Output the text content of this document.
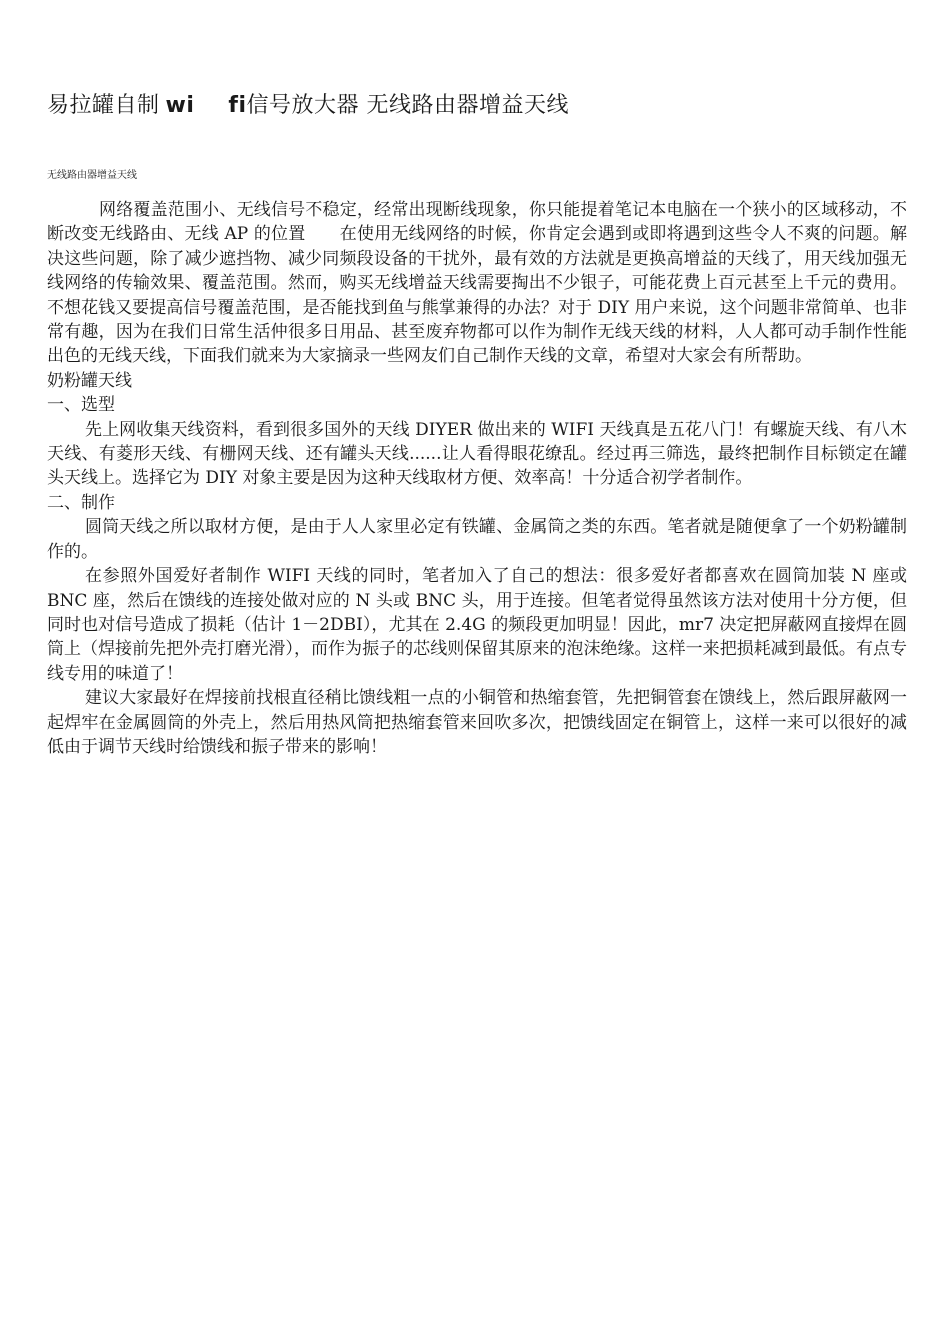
易拉罐自制 wi fi信号放大器 无线路由器增益天线
无线路由器增益天线

网络覆盖范围小、无线信号不稳定，经常出现断线现象，你只能提着笔记本电脑在一个狭小的区域移动，不断改变无线路由、无线 AP 的位置　　在使用无线网络的时候，你肯定会遇到或即将遇到这些令人不爽的问题。解决这些问题，除了减少遮挡物、减少同频段设备的干扰外，最有效的方法就是更换高增益的天线了，用天线加强无线网络的传输效果、覆盖范围。然而，购买无线增益天线需要掏出不少银子，可能花费上百元甚至上千元的费用。不想花钱又要提高信号覆盖范围，是否能找到鱼与熊掌兼得的办法？对于 DIY 用户来说，这个问题非常简单、也非常有趣，因为在我们日常生活仲很多日用品、甚至废弃物都可以作为制作无线天线的材料，人人都可动手制作性能出色的无线天线，下面我们就来为大家摘录一些网友们自己制作天线的文章，希望对大家会有所帮助。

奶粉罐天线

一、选型

先上网收集天线资料，看到很多国外的天线 DIYER 做出来的 WIFI 天线真是五花八门！有螺旋天线、有八木天线、有菱形天线、有栅网天线、还有罐头天线......让人看得眼花缭乱。经过再三筛选，最终把制作目标锁定在罐头天线上。选择它为 DIY 对象主要是因为这种天线取材方便、效率高！十分适合初学者制作。

二、制作

圆筒天线之所以取材方便，是由于人人家里必定有铁罐、金属筒之类的东西。笔者就是随便拿了一个奶粉罐制作的。

在参照外国爱好者制作 WIFI 天线的同时，笔者加入了自己的想法：很多爱好者都喜欢在圆筒加装 N 座或 BNC 座，然后在馈线的连接处做对应的 N 头或 BNC 头，用于连接。但笔者觉得虽然该方法对使用十分方便，但同时也对信号造成了损耗（估计 1－2DBI），尤其在 2.4G 的频段更加明显！因此，mr7 决定把屏蔽网直接焊在圆筒上（焊接前先把外壳打磨光滑），而作为振子的芯线则保留其原来的泡沫绝缘。这样一来把损耗减到最低。有点专线专用的味道了！

建议大家最好在焊接前找根直径稍比馈线粗一点的小铜管和热缩套管，先把铜管套在馈线上，然后跟屏蔽网一起焊牢在金属圆筒的外壳上，然后用热风筒把热缩套管来回吹多次，把馈线固定在铜管上，这样一来可以很好的减低由于调节天线时给馈线和振子带来的影响！
